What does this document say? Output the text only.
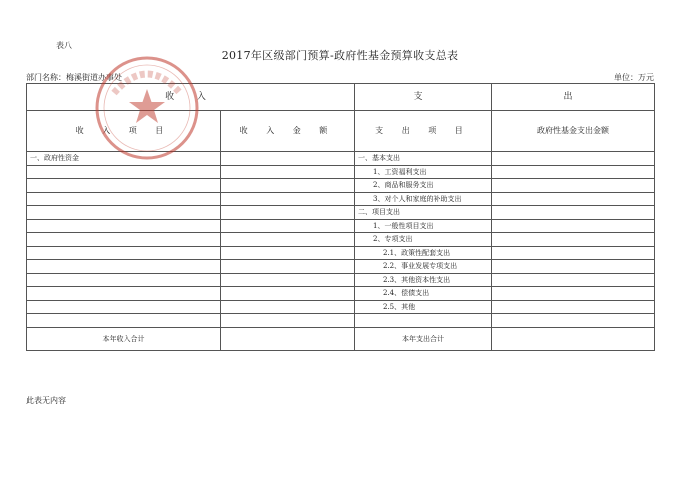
表八
2017年区级部门预算-政府性基金预算收支总表
部门名称：梅溪街道办事处	单位：万元
收 入		支	出
收 入 项 目	收 入 金 额	支 出 项 目	政府性基金支出金额
一、政府性资金		一、基本支出	
		1、工资福利支出	
		2、商品和服务支出	
		3、对个人和家庭的补助支出	
		二、项目支出	
		1、一般性项目支出	
		2、专项支出	
		2.1、政策性配套支出	
		2.2、事业发展专项支出	
		2.3、其他资本性支出	
		2.4、偿债支出	
		2.5、其他	

本年收入合计		本年支出合计	
此表无内容
